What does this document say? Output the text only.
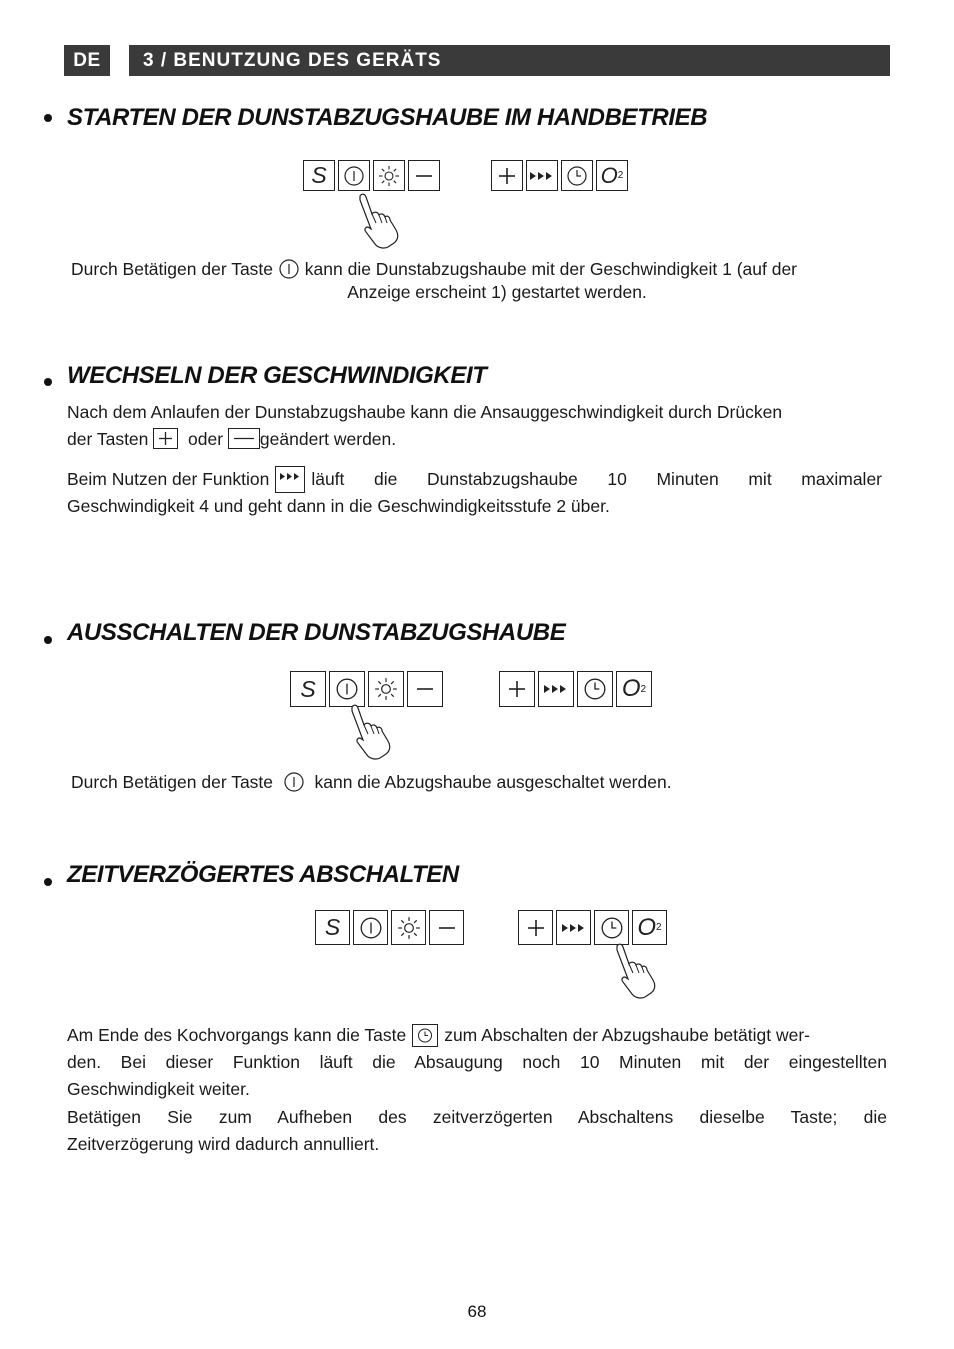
DE	3 / BENUTZUNG DES GERÄTS
STARTEN DER DUNSTABZUGSHAUBE IM HANDBETRIEB
S	O 2
Durch Betätigen der Taste kann die Dunstabzugshaube mit der Geschwindigkeit 1 (auf der
Anzeige erscheint 1) gestartet werden.
WECHSELN DER GESCHWINDIGKEIT
Nach dem Anlaufen der Dunstabzugshaube kann die Ansauggeschwindigkeit durch Drücken
der Tasten oder geändert werden.
Beim Nutzen der Funktion läuft die Dunstabzugshaube 10 Minuten mit maximaler
Geschwindigkeit 4 und geht dann in die Geschwindigkeitsstufe 2 über.
AUSSCHALTEN DER DUNSTABZUGSHAUBE
S	O 2
Durch Betätigen der Taste kann die Abzugshaube ausgeschaltet werden.
ZEITVERZÖGERTES ABSCHALTEN
S	O 2
Am Ende des Kochvorgangs kann die Taste zum Abschalten der Abzugshaube betätigt wer-
den. Bei dieser Funktion läuft die Absaugung noch 10 Minuten mit der eingestellten
Geschwindigkeit weiter.
Betätigen Sie zum Aufheben des zeitverzögerten Abschaltens dieselbe Taste; die
Zeitverzögerung wird dadurch annulliert.
68
